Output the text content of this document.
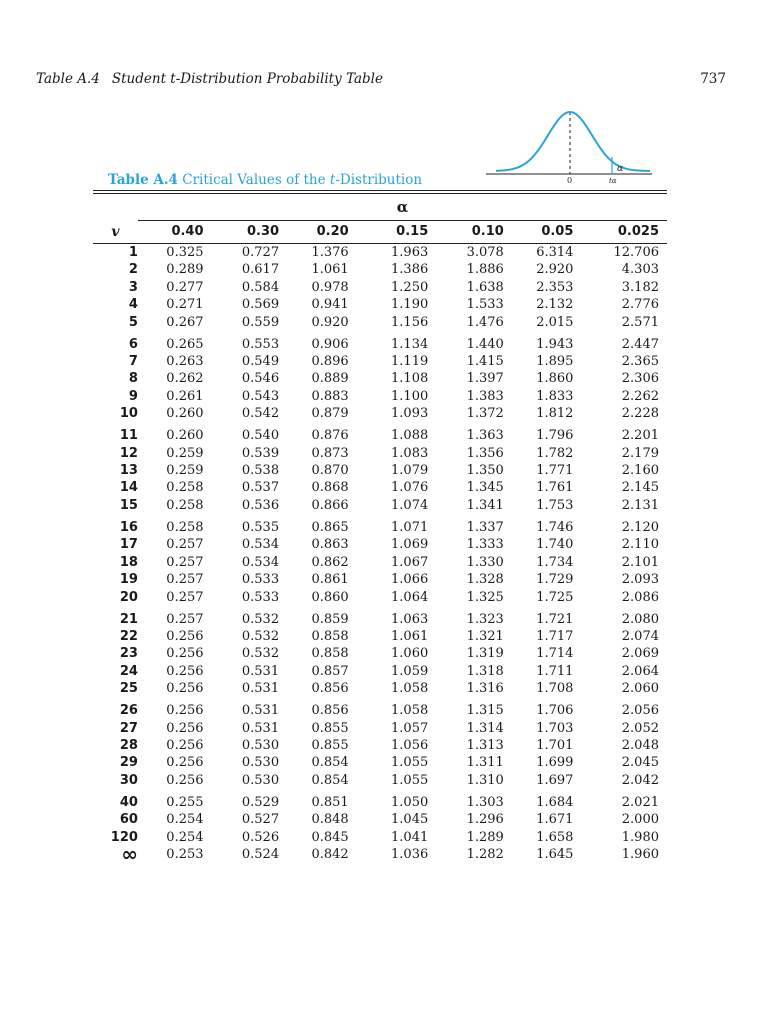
Table A.4 Student t-Distribution Probability Table	737
0
α
tα
Table A.4 Critical Values of the t-Distribution

	α						
v	0.40	0.30	0.20	0.15	0.10	0.05	0.025
1	0.325	0.727	1.376	1.963	3.078	6.314	12.706
2	0.289	0.617	1.061	1.386	1.886	2.920	4.303
3	0.277	0.584	0.978	1.250	1.638	2.353	3.182
4	0.271	0.569	0.941	1.190	1.533	2.132	2.776
5	0.267	0.559	0.920	1.156	1.476	2.015	2.571
6	0.265	0.553	0.906	1.134	1.440	1.943	2.447
7	0.263	0.549	0.896	1.119	1.415	1.895	2.365
8	0.262	0.546	0.889	1.108	1.397	1.860	2.306
9	0.261	0.543	0.883	1.100	1.383	1.833	2.262
10	0.260	0.542	0.879	1.093	1.372	1.812	2.228
11	0.260	0.540	0.876	1.088	1.363	1.796	2.201
12	0.259	0.539	0.873	1.083	1.356	1.782	2.179
13	0.259	0.538	0.870	1.079	1.350	1.771	2.160
14	0.258	0.537	0.868	1.076	1.345	1.761	2.145
15	0.258	0.536	0.866	1.074	1.341	1.753	2.131
16	0.258	0.535	0.865	1.071	1.337	1.746	2.120
17	0.257	0.534	0.863	1.069	1.333	1.740	2.110
18	0.257	0.534	0.862	1.067	1.330	1.734	2.101
19	0.257	0.533	0.861	1.066	1.328	1.729	2.093
20	0.257	0.533	0.860	1.064	1.325	1.725	2.086
21	0.257	0.532	0.859	1.063	1.323	1.721	2.080
22	0.256	0.532	0.858	1.061	1.321	1.717	2.074
23	0.256	0.532	0.858	1.060	1.319	1.714	2.069
24	0.256	0.531	0.857	1.059	1.318	1.711	2.064
25	0.256	0.531	0.856	1.058	1.316	1.708	2.060
26	0.256	0.531	0.856	1.058	1.315	1.706	2.056
27	0.256	0.531	0.855	1.057	1.314	1.703	2.052
28	0.256	0.530	0.855	1.056	1.313	1.701	2.048
29	0.256	0.530	0.854	1.055	1.311	1.699	2.045
30	0.256	0.530	0.854	1.055	1.310	1.697	2.042
40	0.255	0.529	0.851	1.050	1.303	1.684	2.021
60	0.254	0.527	0.848	1.045	1.296	1.671	2.000
120	0.254	0.526	0.845	1.041	1.289	1.658	1.980
∞	0.253	0.524	0.842	1.036	1.282	1.645	1.960
